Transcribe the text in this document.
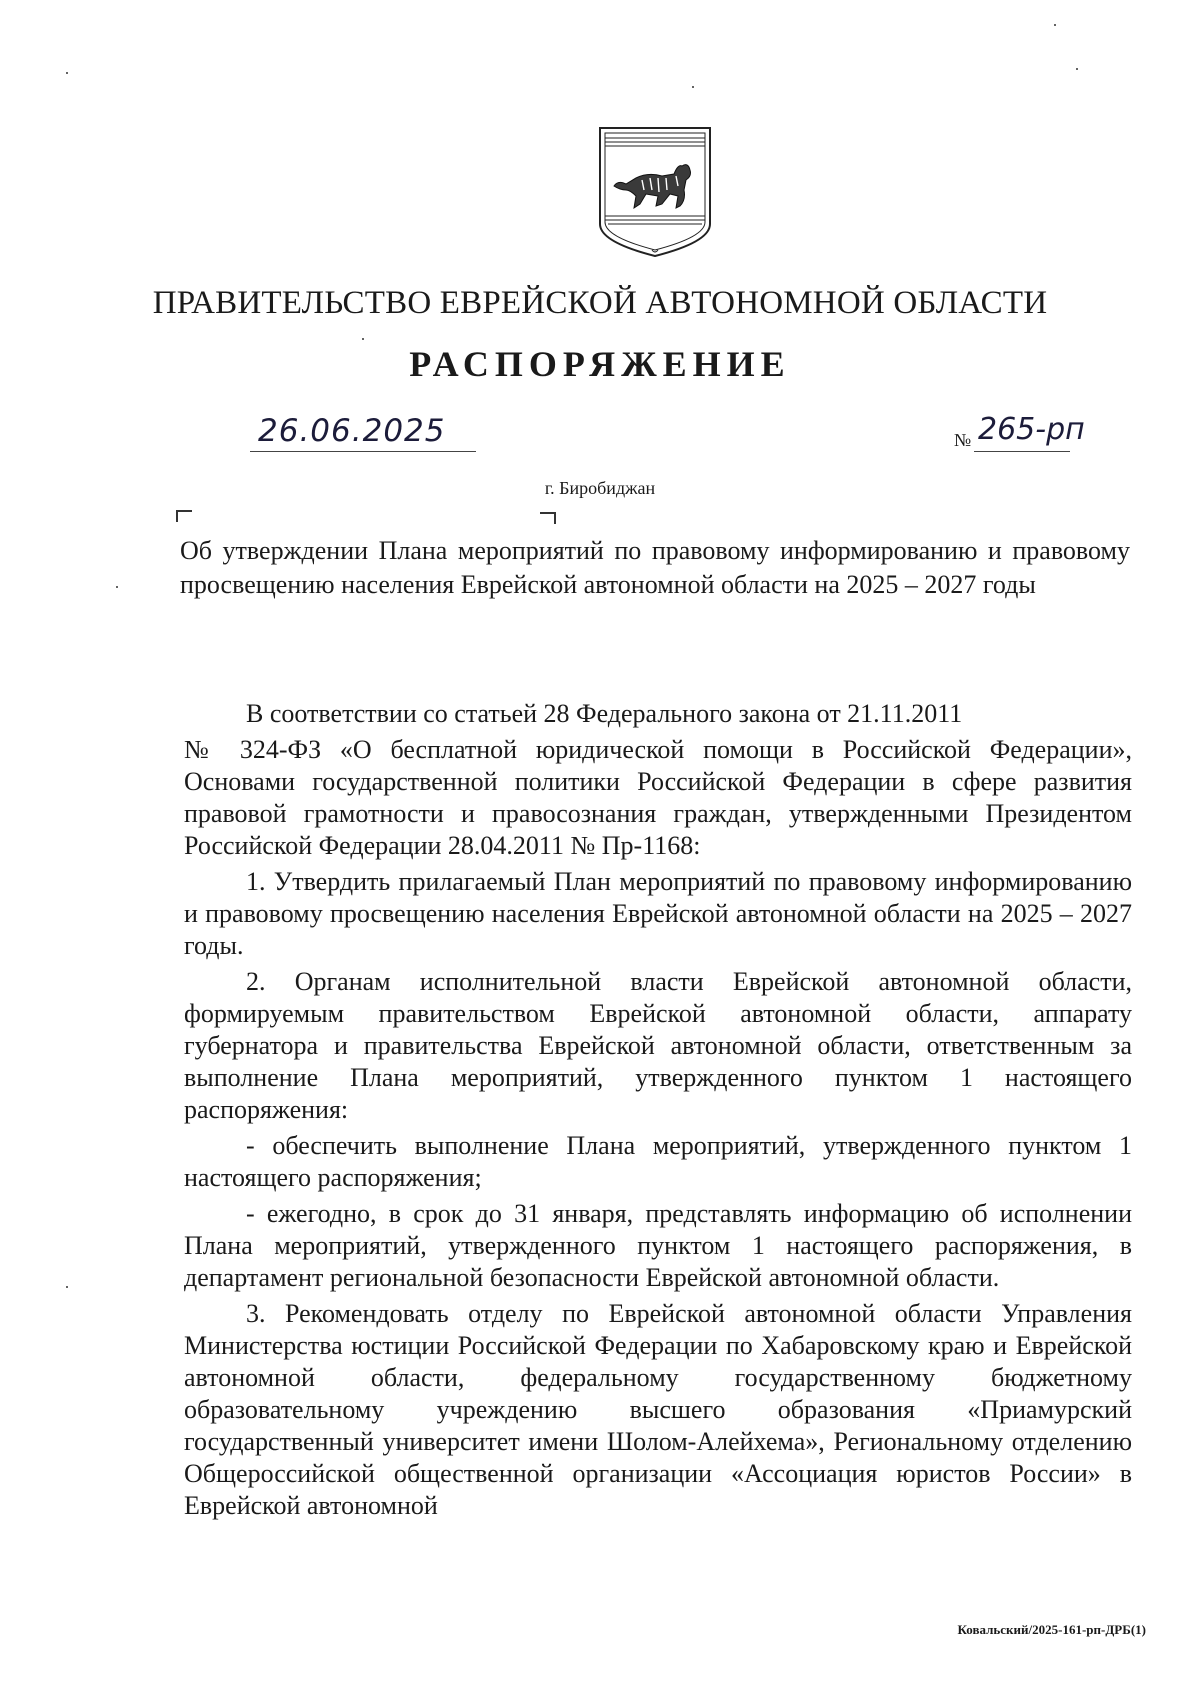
ПРАВИТЕЛЬСТВО ЕВРЕЙСКОЙ АВТОНОМНОЙ ОБЛАСТИ
РАСПОРЯЖЕНИЕ
26.06.2025	№ 265-рп
г. Биробиджан
Об утверждении Плана мероприятий по правовому информированию и правовому просвещению населения Еврейской автономной области на 2025 – 2027 годы

В соответствии со статьей 28 Федерального закона от 21.11.2011

№ 324-ФЗ «О бесплатной юридической помощи в Российской Федерации», Основами государственной политики Российской Федерации в сфере развития правовой грамотности и правосознания граждан, утвержденными Президентом Российской Федерации 28.04.2011 № Пр-1168:

1. Утвердить прилагаемый План мероприятий по правовому информированию и правовому просвещению населения Еврейской автономной области на 2025 – 2027 годы.

2. Органам исполнительной власти Еврейской автономной области, формируемым правительством Еврейской автономной области, аппарату губернатора и правительства Еврейской автономной области, ответственным за выполнение Плана мероприятий, утвержденного пунктом 1 настоящего распоряжения:

- обеспечить выполнение Плана мероприятий, утвержденного пунктом 1 настоящего распоряжения;

- ежегодно, в срок до 31 января, представлять информацию об исполнении Плана мероприятий, утвержденного пунктом 1 настоящего распоряжения, в департамент региональной безопасности Еврейской автономной области.

3. Рекомендовать отделу по Еврейской автономной области Управления Министерства юстиции Российской Федерации по Хабаровскому краю и Еврейской автономной области, федеральному государственному бюджетному образовательному учреждению высшего образования «Приамурский государственный университет имени Шолом-Алейхема», Региональному отделению Общероссийской общественной организации «Ассоциация юристов России» в Еврейской автономной

Ковальский/2025-161-рп-ДРБ(1)
